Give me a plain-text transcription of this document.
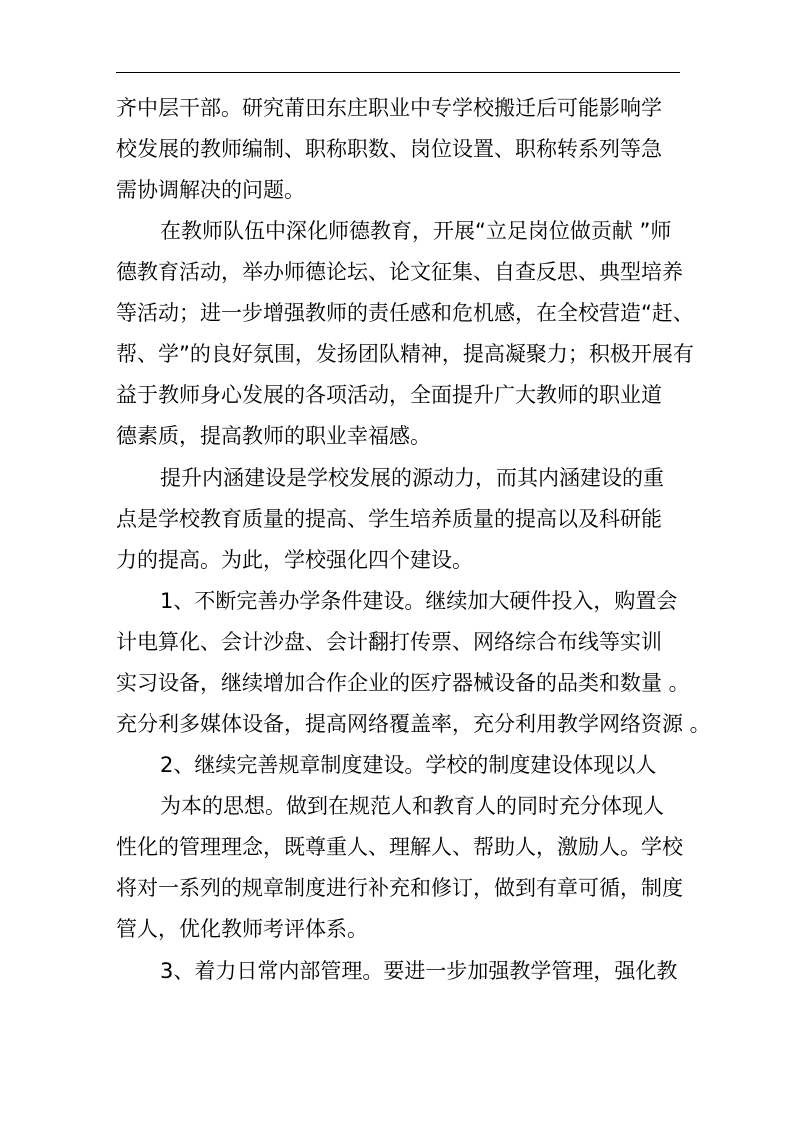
齐中层干部。研究莆田东庄职业中专学校搬迁后可能影响学
校发展的教师编制、职称职数、岗位设置、职称转系列等急
需协调解决的问题。
在教师队伍中深化师德教育，开展“立足岗位做贡献 ”师
德教育活动，举办师德论坛、论文征集、自查反思、典型培养
等活动；进一步增强教师的责任感和危机感，在全校营造“赶、
帮、学”的良好氛围，发扬团队精神，提高凝聚力；积极开展有
益于教师身心发展的各项活动，全面提升广大教师的职业道
德素质，提高教师的职业幸福感。
提升内涵建设是学校发展的源动力，而其内涵建设的重
点是学校教育质量的提高、学生培养质量的提高以及科研能
力的提高。为此，学校强化四个建设。
1、不断完善办学条件建设。继续加大硬件投入，购置会
计电算化、会计沙盘、会计翻打传票、网络综合布线等实训
实习设备，继续增加合作企业的医疗器械设备的品类和数量 。
充分利多媒体设备，提高网络覆盖率，充分利用教学网络资源 。
2、继续完善规章制度建设。学校的制度建设体现以人
为本的思想。做到在规范人和教育人的同时充分体现人
性化的管理理念，既尊重人、理解人、帮助人，激励人。学校
将对一系列的规章制度进行补充和修订，做到有章可循，制度
管人，优化教师考评体系。
3、着力日常内部管理。要进一步加强教学管理，强化教
